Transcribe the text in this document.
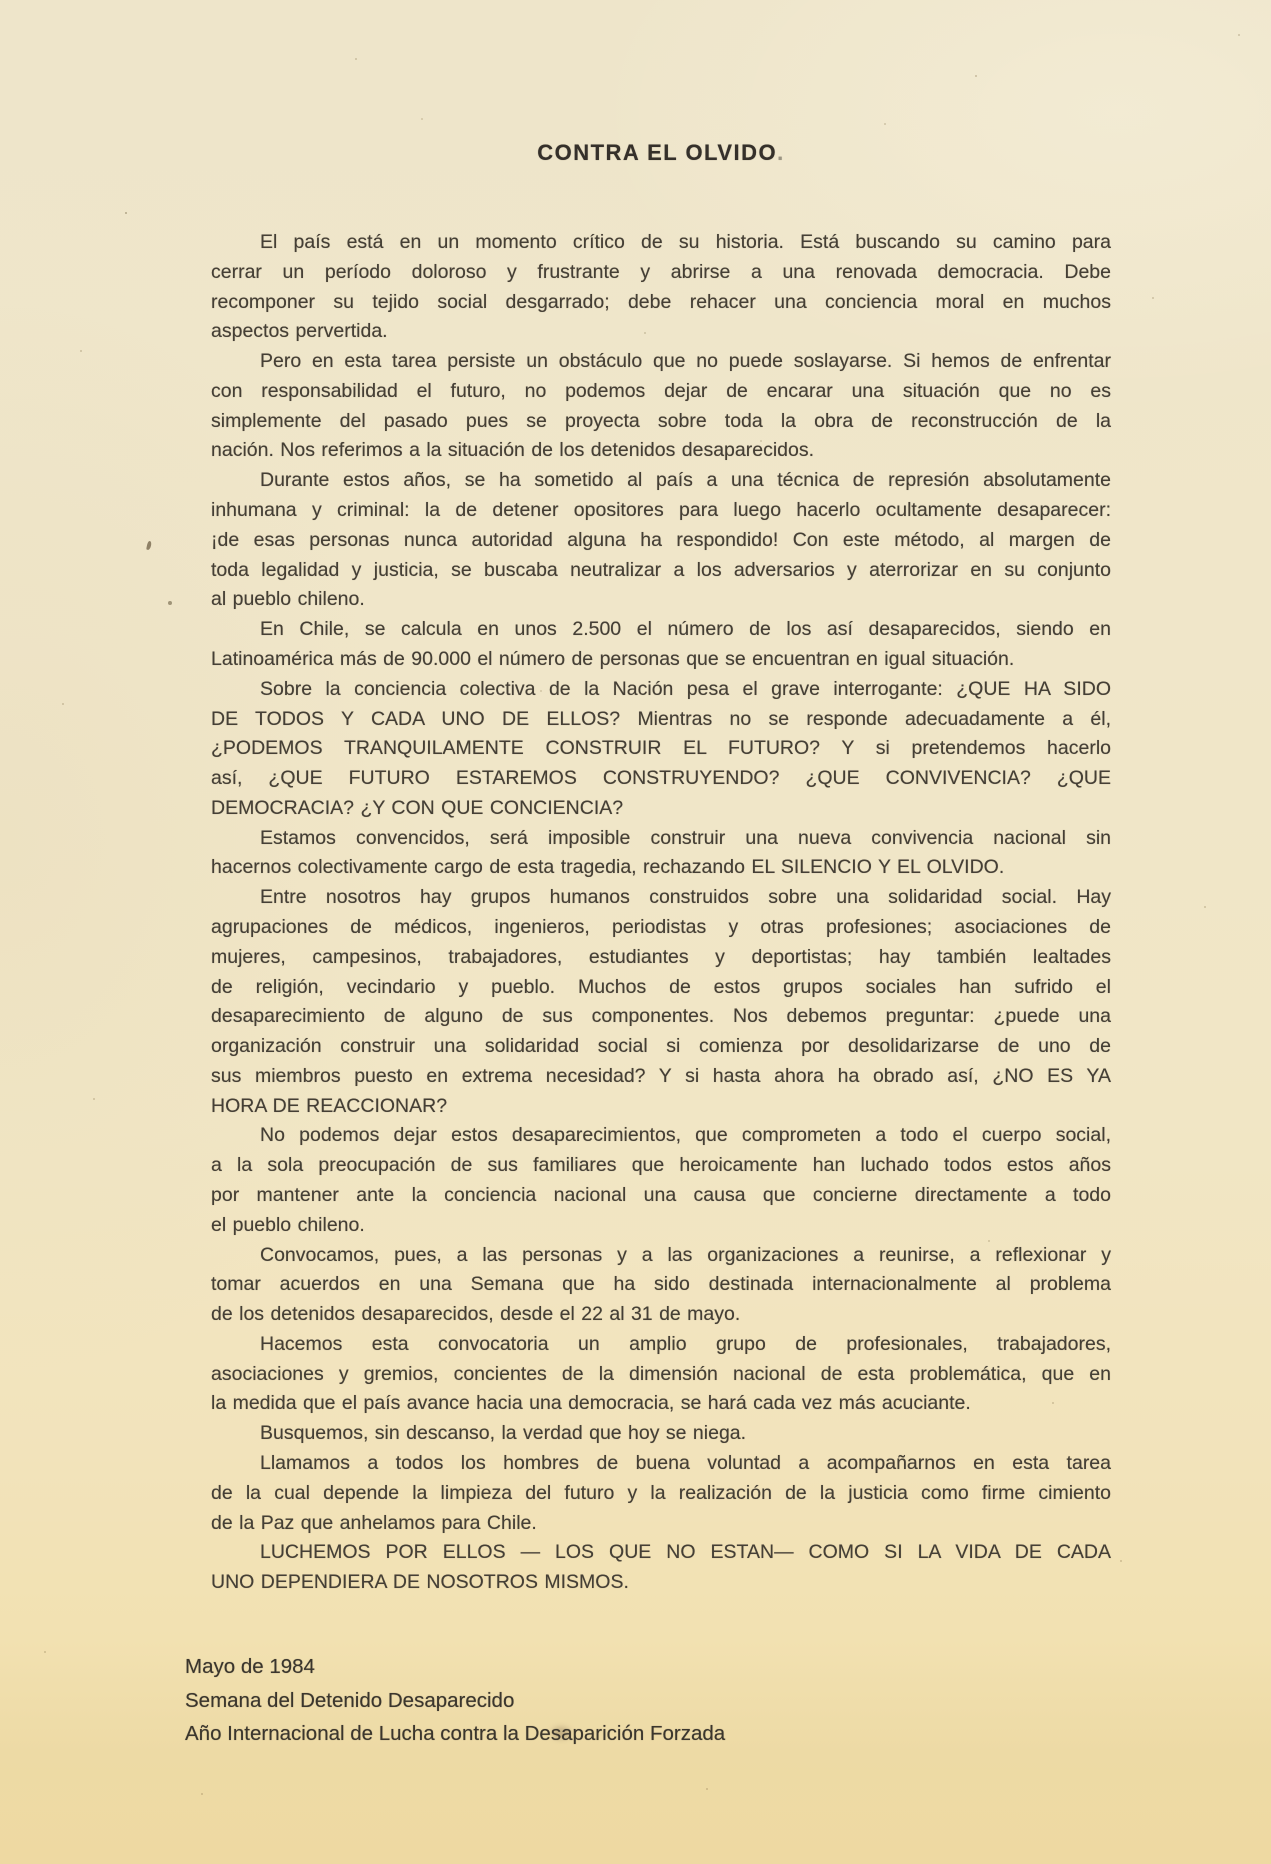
CONTRA EL OLVIDO.
El país está en un momento crítico de su historia. Está buscando su camino para
cerrar un período doloroso y frustrante y abrirse a una renovada democracia. Debe
recomponer su tejido social desgarrado; debe rehacer una conciencia moral en muchos
aspectos pervertida.
Pero en esta tarea persiste un obstáculo que no puede soslayarse. Si hemos de enfrentar
con responsabilidad el futuro, no podemos dejar de encarar una situación que no es
simplemente del pasado pues se proyecta sobre toda la obra de reconstrucción de la
nación. Nos referimos a la situación de los detenidos desaparecidos.
Durante estos años, se ha sometido al país a una técnica de represión absolutamente
inhumana y criminal: la de detener opositores para luego hacerlo ocultamente desaparecer:
¡de esas personas nunca autoridad alguna ha respondido! Con este método, al margen de
toda legalidad y justicia, se buscaba neutralizar a los adversarios y aterrorizar en su conjunto
al pueblo chileno.
En Chile, se calcula en unos 2.500 el número de los así desaparecidos, siendo en
Latinoamérica más de 90.000 el número de personas que se encuentran en igual situación.
Sobre la conciencia colectiva de la Nación pesa el grave interrogante: ¿QUE HA SIDO
DE TODOS Y CADA UNO DE ELLOS? Mientras no se responde adecuadamente a él,
¿PODEMOS TRANQUILAMENTE CONSTRUIR EL FUTURO? Y si pretendemos hacerlo
así, ¿QUE FUTURO ESTAREMOS CONSTRUYENDO? ¿QUE CONVIVENCIA? ¿QUE
DEMOCRACIA? ¿Y CON QUE CONCIENCIA?
Estamos convencidos, será imposible construir una nueva convivencia nacional sin
hacernos colectivamente cargo de esta tragedia, rechazando EL SILENCIO Y EL OLVIDO.
Entre nosotros hay grupos humanos construidos sobre una solidaridad social. Hay
agrupaciones de médicos, ingenieros, periodistas y otras profesiones; asociaciones de
mujeres, campesinos, trabajadores, estudiantes y deportistas; hay también lealtades
de religión, vecindario y pueblo. Muchos de estos grupos sociales han sufrido el
desaparecimiento de alguno de sus componentes. Nos debemos preguntar: ¿puede una
organización construir una solidaridad social si comienza por desolidarizarse de uno de
sus miembros puesto en extrema necesidad? Y si hasta ahora ha obrado así, ¿NO ES YA
HORA DE REACCIONAR?
No podemos dejar estos desaparecimientos, que comprometen a todo el cuerpo social,
a la sola preocupación de sus familiares que heroicamente han luchado todos estos años
por mantener ante la conciencia nacional una causa que concierne directamente a todo
el pueblo chileno.
Convocamos, pues, a las personas y a las organizaciones a reunirse, a reflexionar y
tomar acuerdos en una Semana que ha sido destinada internacionalmente al problema
de los detenidos desaparecidos, desde el 22 al 31 de mayo.
Hacemos esta convocatoria un amplio grupo de profesionales, trabajadores,
asociaciones y gremios, concientes de la dimensión nacional de esta problemática, que en
la medida que el país avance hacia una democracia, se hará cada vez más acuciante.
Busquemos, sin descanso, la verdad que hoy se niega.
Llamamos a todos los hombres de buena voluntad a acompañarnos en esta tarea
de la cual depende la limpieza del futuro y la realización de la justicia como firme cimiento
de la Paz que anhelamos para Chile.
LUCHEMOS POR ELLOS — LOS QUE NO ESTAN— COMO SI LA VIDA DE CADA
UNO DEPENDIERA DE NOSOTROS MISMOS.
Mayo de 1984
Semana del Detenido Desaparecido
Año Internacional de Lucha contra la Desaparición Forzada
